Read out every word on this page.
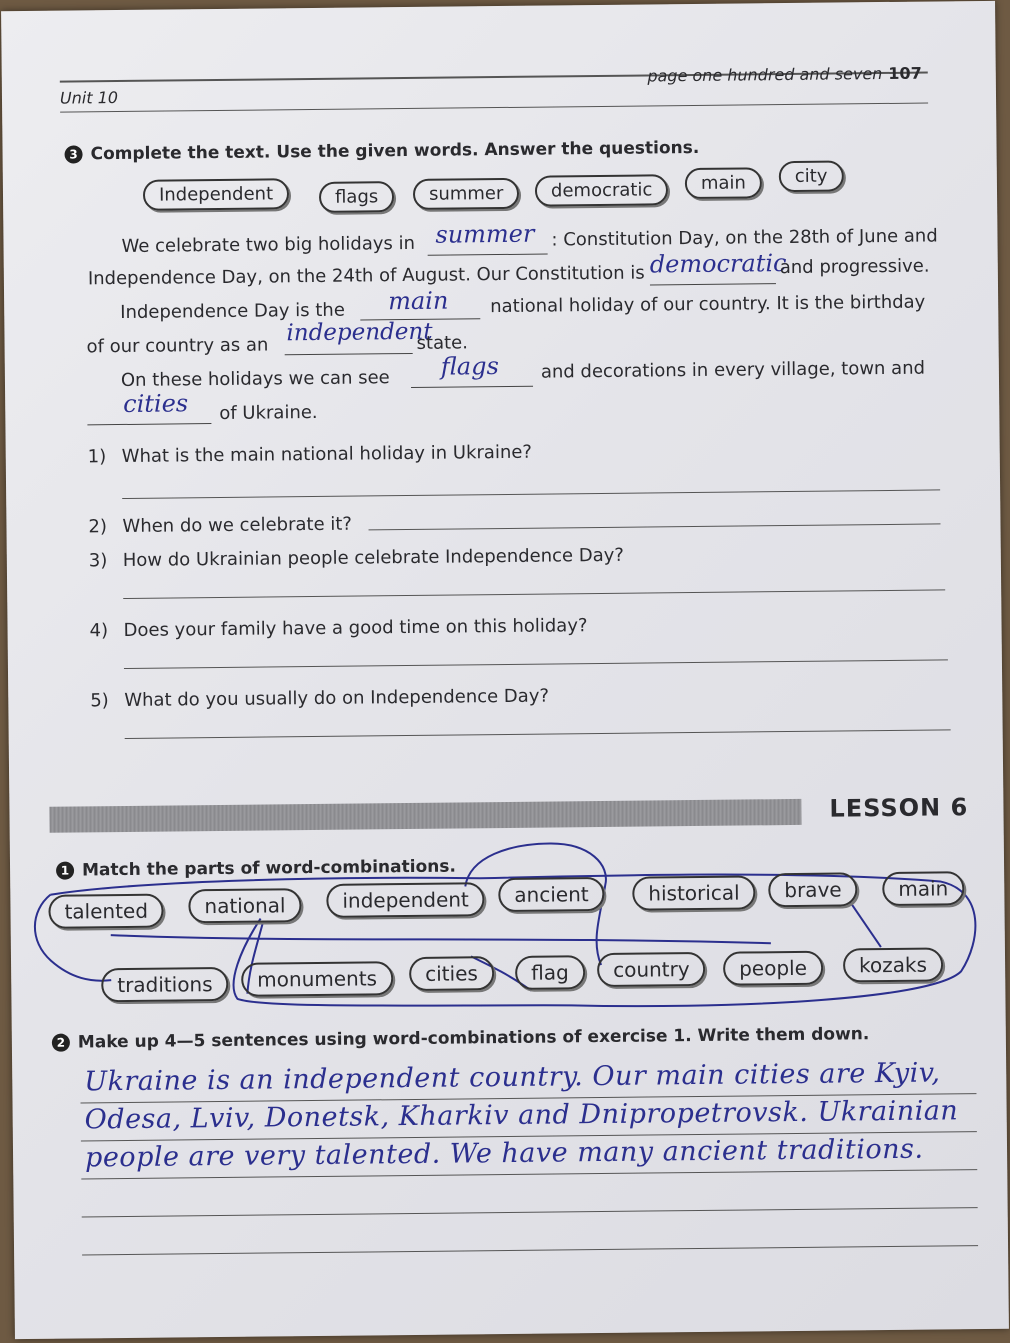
Unit 10
page one hundred and seven 107
3 Complete the text. Use the given words. Answer the questions.
Independent	flags	summer	democratic	main	city
We celebrate two big holidays in summer : Constitution Day, on the 28th of June and
Independence Day, on the 24th of August. Our Constitution is democratic
and progressive.
Independence Day is the main national holiday of our country. It is the birthday
of our country as an independent
state.
On these holidays we can see flags and decorations in every village, town and
cities of Ukraine.
1) What is the main national holiday in Ukraine?
2) When do we celebrate it?
3) How do Ukrainian people celebrate Independence Day?
4) Does your family have a good time on this holiday?
5) What do you usually do on Independence Day?
LESSON 6
1 Match the parts of word-combinations.
talented	national	independent	ancient	historical	brave	main
traditions	monuments	cities	flag	country	people	kozaks
2 Make up 4—5 sentences using word-combinations of exercise 1. Write them down.
Ukraine is an independent country. Our main cities are Kyiv,
Odesa, Lviv, Donetsk, Kharkiv and Dnipropetrovsk. Ukrainian
people are very talented. We have many ancient traditions.
